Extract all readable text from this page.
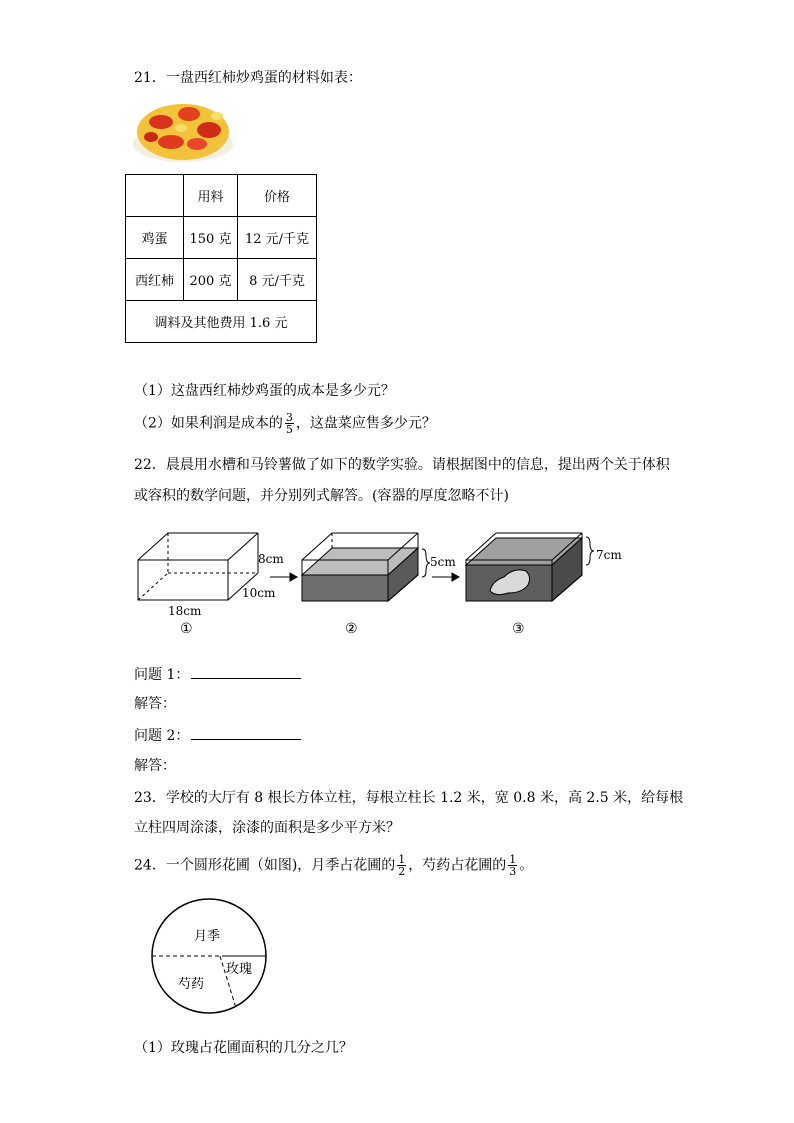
21．一盘西红柿炒鸡蛋的材料如表：
	用料	价格
鸡蛋	150 克	12 元/千克
西红柿	200 克	8 元/千克
调料及其他费用 1.6 元		
（1）这盘西红柿炒鸡蛋的成本是多少元？
（2）如果利润是成本的 $\frac{3}{5}$ ，这盘菜应售多少元？
22．晨晨用水槽和马铃薯做了如下的数学实验。请根据图中的信息，提出两个关于体积
或容积的数学问题，并分别列式解答。(容器的厚度忽略不计)
8cm
10cm
18cm
5cm	7cm
①	②	③
问题 1：
解答：
问题 2：
解答：
23．学校的大厅有 8 根长方体立柱，每根立柱长 1.2 米，宽 0.8 米，高 2.5 米，给每根
立柱四周涂漆，涂漆的面积是多少平方米？
24．一个圆形花圃（如图)，月季占花圃的 $\frac{1}{2}$ ，芍药占花圃的 $\frac{1}{3}$ 。
月季
芍药
玫瑰
（1）玫瑰占花圃面积的几分之几？
